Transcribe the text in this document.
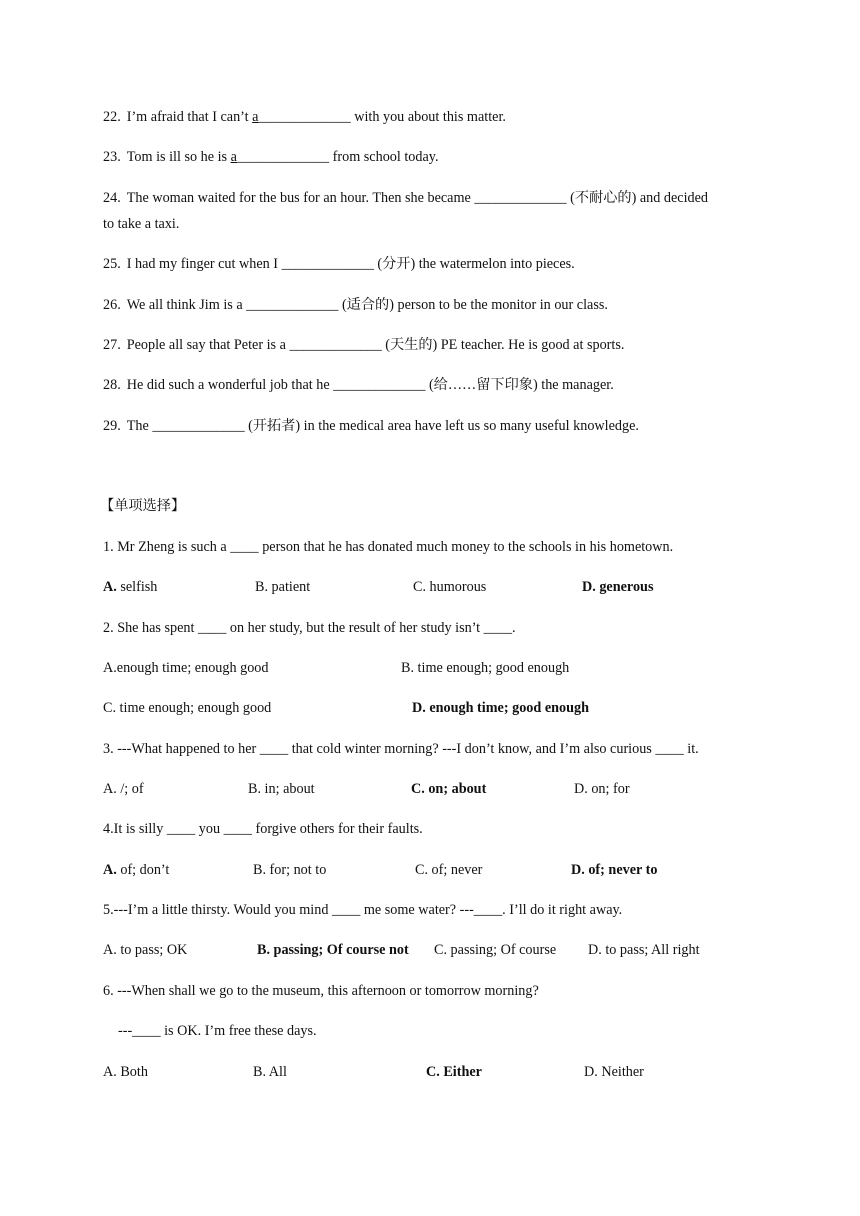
22. I’m afraid that I can’t a_____________ with you about this matter.
23. Tom is ill so he is a_____________ from school today.
24. The woman waited for the bus for an hour. Then she became _____________ (不耐心的) and decided
to take a taxi.
25. I had my finger cut when I _____________ (分开) the watermelon into pieces.
26. We all think Jim is a _____________ (适合的) person to be the monitor in our class.
27. People all say that Peter is a _____________ (天生的) PE teacher. He is good at sports.
28. He did such a wonderful job that he _____________ (给……留下印象) the manager.
29. The _____________ (开拓者) in the medical area have left us so many useful knowledge.
【单项选择】
1. Mr Zheng is such a ____ person that he has donated much money to the schools in his hometown.
A. selfish	B. patient	C. humorous	D. generous
2. She has spent ____ on her study, but the result of her study isn’t ____.
A.enough time; enough good	B. time enough; good enough
C. time enough; enough good	D. enough time; good enough
3. ---What happened to her ____ that cold winter morning? ---I don’t know, and I’m also curious ____ it.
A. /; of	B. in; about	C. on; about	D. on; for
4.It is silly ____ you ____ forgive others for their faults.
A. of; don’t	B. for; not to	C. of; never	D. of; never to
5.---I’m a little thirsty. Would you mind ____ me some water? ---____. I’ll do it right away.
A. to pass; OK	B. passing; Of course not C. passing; Of course D. to pass; All right
6. ---When shall we go to the museum, this afternoon or tomorrow morning?
---____ is OK. I’m free these days.
A. Both	B. All	C. Either	D. Neither
